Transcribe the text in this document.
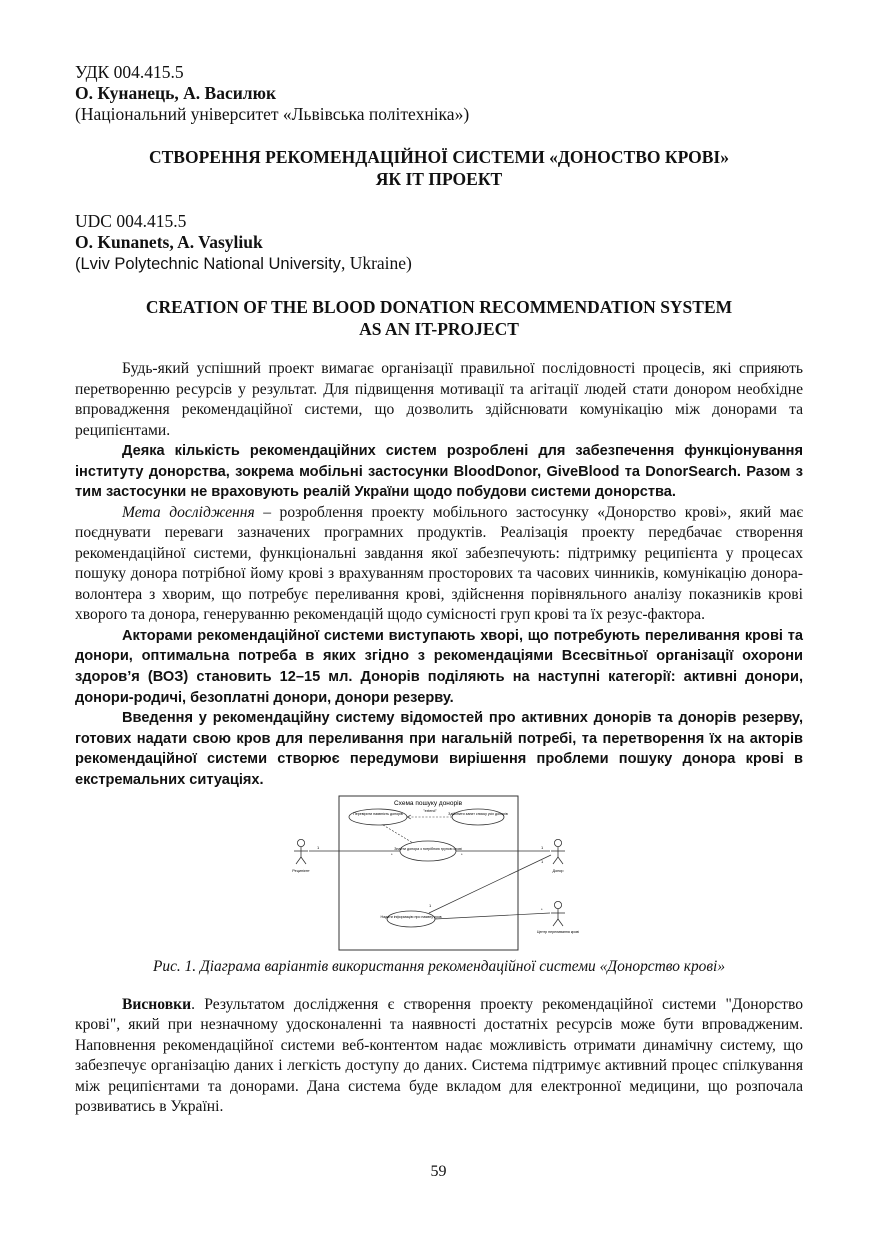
УДК 004.415.5

О. Кунанець, А. Василюк

(Національний університет «Львівська політехніка»)

СТВОРЕННЯ РЕКОМЕНДАЦІЙНОЇ СИСТЕМИ «ДОНОСТВО КРОВІ»

ЯК ІТ ПРОЕКТ

UDC 004.415.5

O. Kunanets, A. Vasyliuk

(Lviv Polytechnic National University, Ukraine)

CREATION OF THE BLOOD DONATION RECOMMENDATION SYSTEM

AS AN IT-PROJECT

Будь-який успішний проект вимагає організації правильної послідовності процесів, які сприяють перетворенню ресурсів у результат. Для підвищення мотивації та агітації людей стати донором необхідне впровадження рекомендаційної системи, що дозволить здійснювати комунікацію між донорами та реципієнтами.

Деяка кількість рекомендаційних систем розроблені для забезпечення функціонування інституту донорства, зокрема мобільні застосунки BloodDonor, GiveBlood та DonorSearch. Разом з тим застосунки не враховують реалій України щодо побудови системи донорства.

Мета дослідження – розроблення проекту мобільного застосунку «Донорство крові», який має поєднувати переваги зазначених програмних продуктів. Реалізація проекту передбачає створення рекомендаційної системи, функціональні завдання якої забезпечують: підтримку реципієнта у процесах пошуку донора потрібної йому крові з врахуванням просторових та часових чинників, комунікацію донора-волонтера з хворим, що потребує переливання крові, здійснення порівняльного аналізу показників крові хворого та донора, генеруванню рекомендацій щодо сумісності груп крові та їх резус-фактора.

Акторами рекомендаційної системи виступають хворі, що потребують переливання крові та донори, оптимальна потреба в яких згідно з рекомендаціями Всесвітньої організації охорони здоров’я (ВОЗ) становить 12–15 мл. Донорів поділяють на наступні категорії: активні донори, донори-родичі, безоплатні донори, донори резерву.

Введення у рекомендаційну систему відомостей про активних донорів та донорів резерву, готових надати свою кров для переливання при нагальній потребі, та перетворення їх на акторів рекомендаційної системи створює передумови вирішення проблеми пошуку донора крові в екстремальних ситуаціях.

Схема пошуку донорів
Перевірити наявність донорів	Здійснити запит списку усіх донорів
Знайти донора з потрібною групою крові
Надати інформацію про наявну кров
"extend"
Реципієнт	Донор
Центр переливання крові
1
*	*
1
1
*
1

Рис. 1. Діаграма варіантів використання рекомендаційної системи «Донорство крові»

Висновки. Результатом дослідження є створення проекту рекомендаційної системи "Донорство крові", який при незначному удосконаленні та наявності достатніх ресурсів може бути впровадженим. Наповнення рекомендаційної системи веб-контентом надає можливість отримати динамічну систему, що забезпечує організацію даних і легкість доступу до даних. Система підтримує активний процес спілкування між реципієнтами та донорами. Дана система буде вкладом для електронної медицини, що розпочала розвиватись в Україні.

59
